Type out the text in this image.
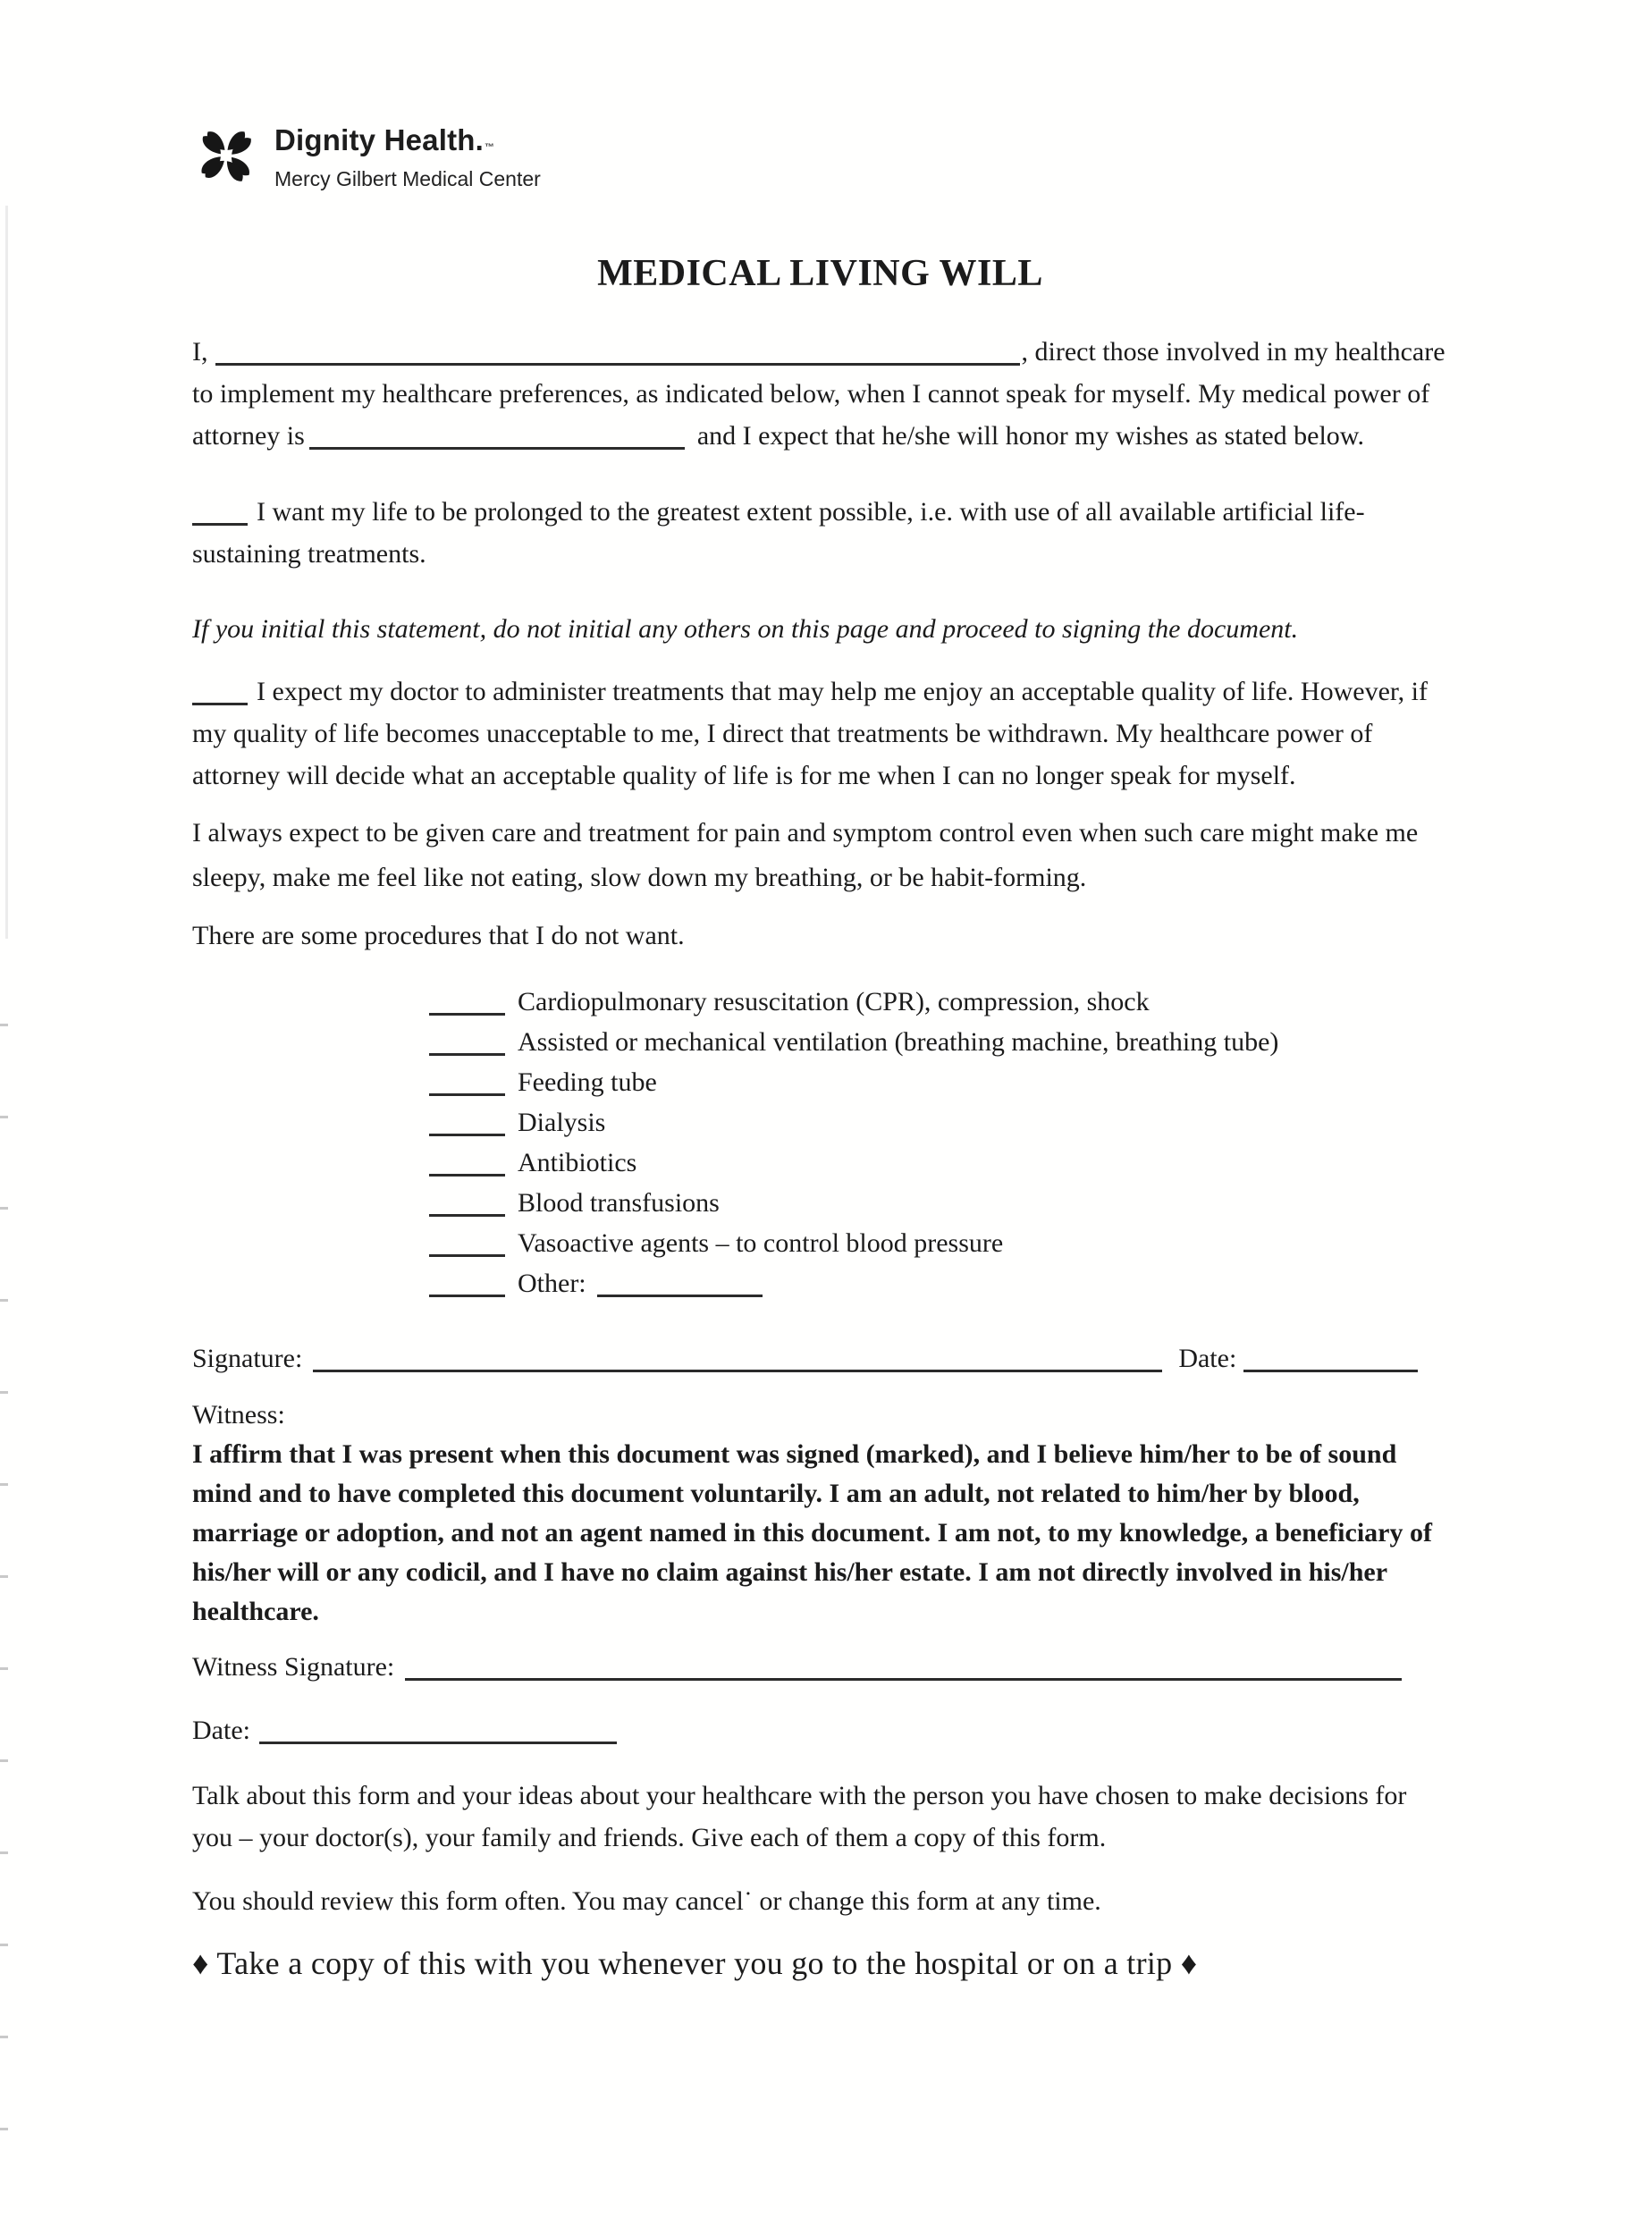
Dignity Health.™
Mercy Gilbert Medical Center
MEDICAL LIVING WILL

I,	, direct those involved in my healthcare to implement my healthcare preferences, as indicated below, when I cannot speak for myself. My medical power of attorney is	and I expect that he/she will honor my wishes as stated below.

I want my life to be prolonged to the greatest extent possible, i.e. with use of all available artificial life-sustaining treatments.

If you initial this statement, do not initial any others on this page and proceed to signing the document.

I expect my doctor to administer treatments that may help me enjoy an acceptable quality of life. However, if my quality of life becomes unacceptable to me, I direct that treatments be withdrawn. My healthcare power of attorney will decide what an acceptable quality of life is for me when I can no longer speak for myself.

I always expect to be given care and treatment for pain and symptom control even when such care might make me sleepy, make me feel like not eating, slow down my breathing, or be habit-forming.

There are some procedures that I do not want.

Cardiopulmonary resuscitation (CPR), compression, shock
Assisted or mechanical ventilation (breathing machine, breathing tube)
Feeding tube
Dialysis
Antibiotics
Blood transfusions
Vasoactive agents – to control blood pressure
Other:
Signature:	Date:

Witness:

I affirm that I was present when this document was signed (marked), and I believe him/her to be of sound mind and to have completed this document voluntarily. I am an adult, not related to him/her by blood, marriage or adoption, and not an agent named in this document. I am not, to my knowledge, a beneficiary of his/her will or any codicil, and I have no claim against his/her estate. I am not directly involved in his/her healthcare.

Witness Signature:
Date:

Talk about this form and your ideas about your healthcare with the person you have chosen to make decisions for you – your doctor(s), your family and friends. Give each of them a copy of this form.

You should review this form often. You may cancel˙ or change this form at any time.

♦ Take a copy of this with you whenever you go to the hospital or on a trip ♦
